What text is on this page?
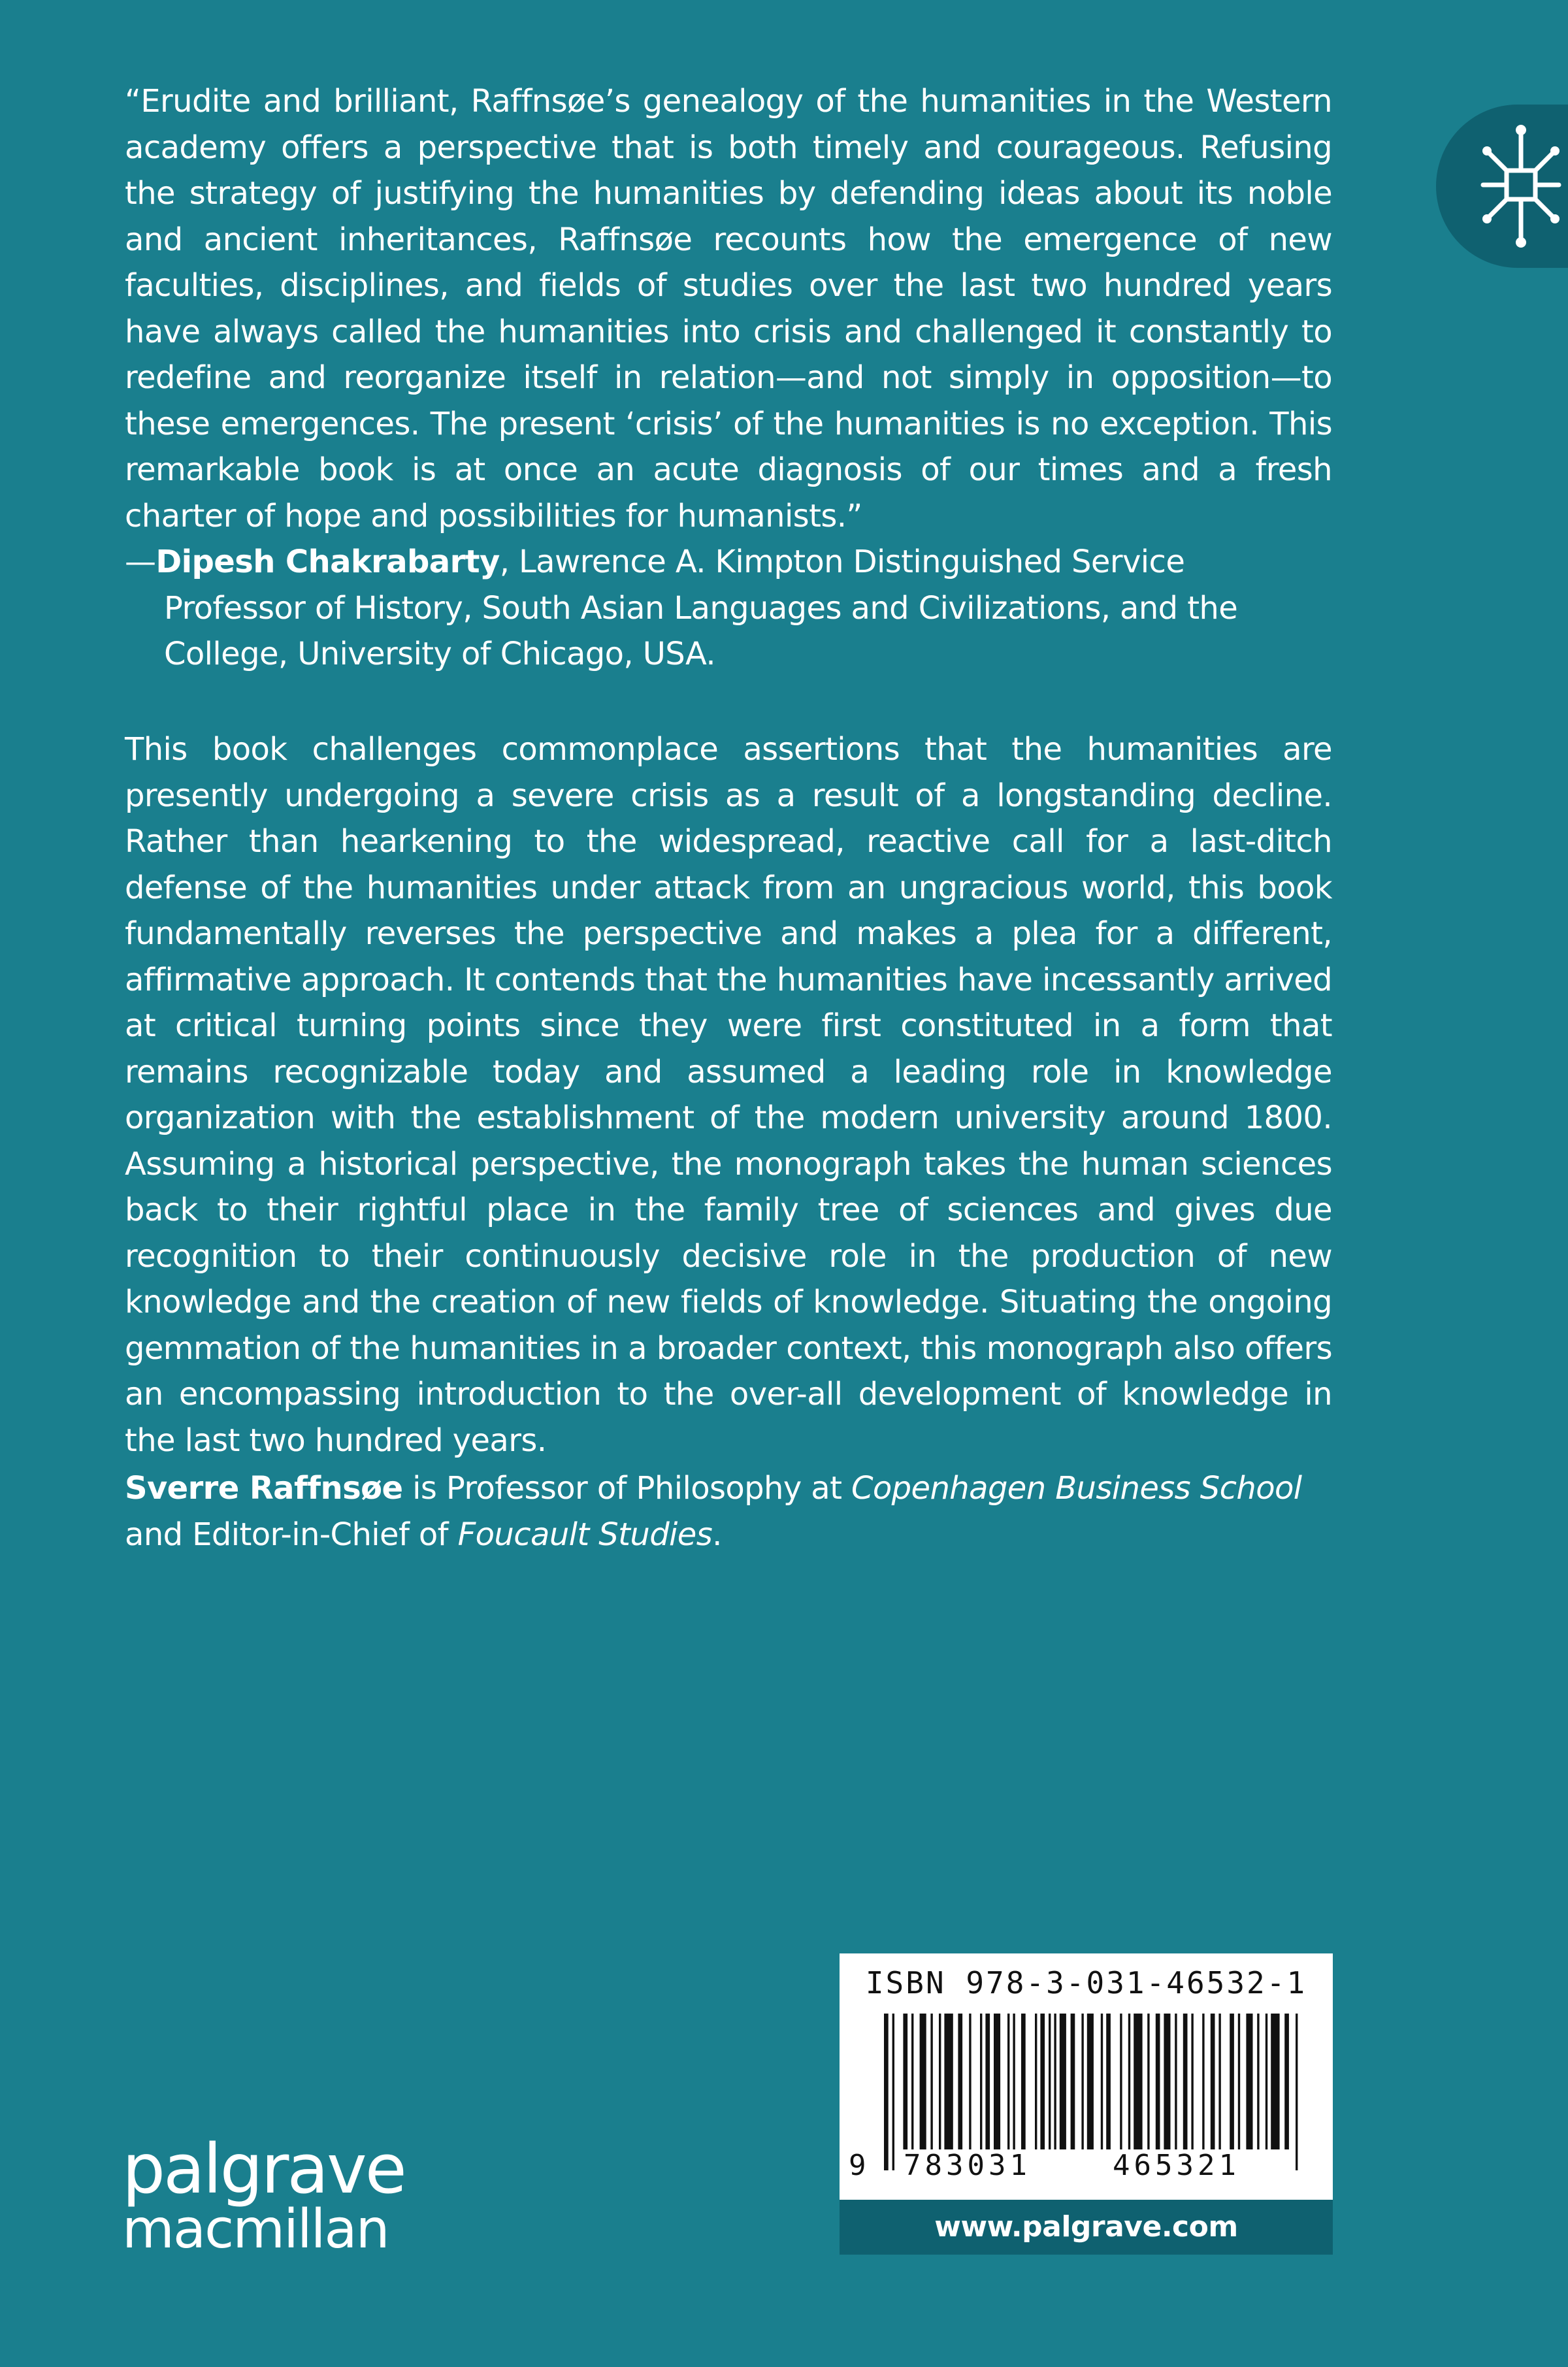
“Erudite and brilliant, Raffnsøe’s genealogy of the humanities in the Western academy offers a perspective that is both timely and courageous. Refusing the strategy of justifying the humanities by defending ideas about its noble and ancient inheritances, Raffnsøe recounts how the emergence of new faculties, disciplines, and fields of studies over the last two hundred years have always called the humanities into crisis and challenged it constantly to redefine and reorganize itself in relation—and not simply in opposition—to these emergences. The present ‘crisis’ of the humanities is no exception. This remarkable book is at once an acute diagnosis of our times and a fresh charter of hope and possibilities for humanists.”

—Dipesh Chakrabarty, Lawrence A. Kimpton Distinguished Service Professor of History, South Asian Languages and Civilizations, and the College, University of Chicago, USA.

This book challenges commonplace assertions that the humanities are presently undergoing a severe crisis as a result of a longstanding decline. Rather than hearkening to the widespread, reactive call for a last-ditch defense of the humanities under attack from an ungracious world, this book fundamentally reverses the perspective and makes a plea for a different, affirmative approach. It contends that the humanities have incessantly arrived at critical turning points since they were first constituted in a form that remains recognizable today and assumed a leading role in knowledge organization with the establishment of the modern university around 1800. Assuming a historical perspective, the monograph takes the human sciences back to their rightful place in the family tree of sciences and gives due recognition to their continuously decisive role in the production of new knowledge and the creation of new fields of knowledge. Situating the ongoing gemmation of the humanities in a broader context, this monograph also offers an encompassing introduction to the over-all development of knowledge in the last two hundred years.

Sverre Raffnsøe is Professor of Philosophy at Copenhagen Business School and Editor-in-Chief of Foucault Studies.

palgrave
macmillan
ISBN 978-3-031-46532-1
9 783031	465321
www.palgrave.com
